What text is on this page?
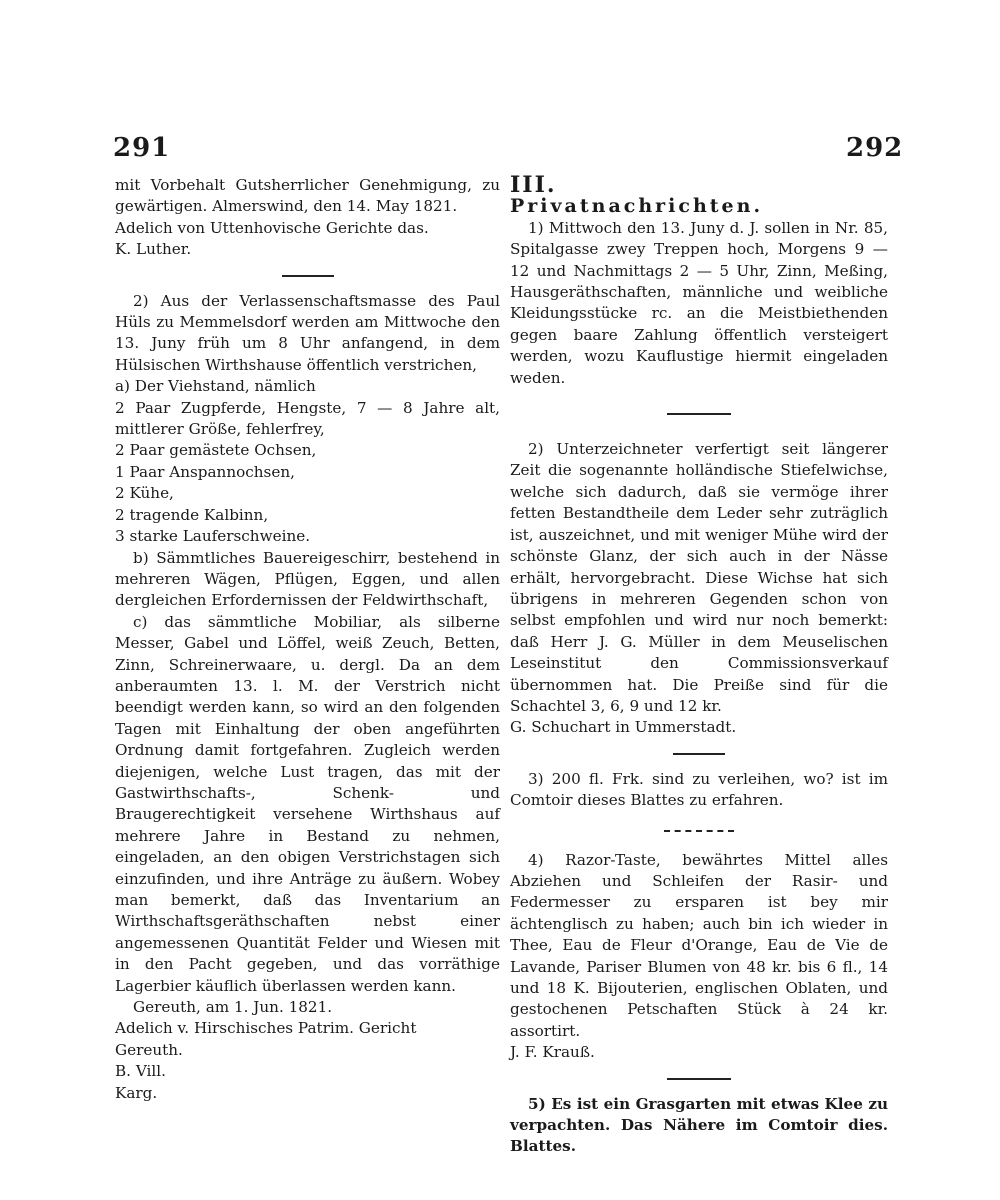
291	292

mit Vorbehalt Gutsherrlicher Genehmigung, zu gewärtigen. Almerswind, den 14. May 1821.

Adelich von Uttenhovische Gerichte das.

K. Luther.

2) Aus der Verlassenschaftsmasse des Paul Hüls zu Memmelsdorf werden am Mittwoche den 13. Juny früh um 8 Uhr anfangend, in dem Hülsischen Wirthshause öffentlich verstrichen,

a) Der Viehstand, nämlich

2 Paar Zugpferde, Hengste, 7 — 8 Jahre alt, mittlerer Größe, fehlerfrey,

2 Paar gemästete Ochsen,

1 Paar Anspannochsen,

2 Kühe,

2 tragende Kalbinn,

3 starke Lauferschweine.

b) Sämmtliches Bauereigeschirr, bestehend in mehreren Wägen, Pflügen, Eggen, und allen dergleichen Erfordernissen der Feldwirthschaft,

c) das sämmtliche Mobiliar, als silberne Messer, Gabel und Löffel, weiß Zeuch, Betten, Zinn, Schreinerwaare, u. dergl. Da an dem anberaumten 13. l. M. der Verstrich nicht beendigt werden kann, so wird an den folgenden Tagen mit Einhaltung der oben angeführten Ordnung damit fortgefahren. Zugleich werden diejenigen, welche Lust tragen, das mit der Gastwirthschafts-, Schenk- und Braugerechtigkeit versehene Wirthshaus auf mehrere Jahre in Bestand zu nehmen, eingeladen, an den obigen Verstrichstagen sich einzufinden, und ihre Anträge zu äußern. Wobey man bemerkt, daß das Inventarium an Wirthschaftsgeräthschaften nebst einer angemessenen Quantität Felder und Wiesen mit in den Pacht gegeben, und das vorräthige Lagerbier käuflich überlassen werden kann.

Gereuth, am 1. Jun. 1821.

Adelich v. Hirschisches Patrim. Gericht

Gereuth.

B. Vill.

Karg.

III.

Privatnachrichten.

1) Mittwoch den 13. Juny d. J. sollen in Nr. 85, Spitalgasse zwey Treppen hoch, Morgens 9 — 12 und Nachmittags 2 — 5 Uhr, Zinn, Meßing, Hausgeräthschaften, männliche und weibliche Kleidungsstücke rc. an die Meistbiethenden gegen baare Zahlung öffentlich versteigert werden, wozu Kauflustige hiermit eingeladen weden.

2) Unterzeichneter verfertigt seit längerer Zeit die sogenannte holländische Stiefelwichse, welche sich dadurch, daß sie vermöge ihrer fetten Bestandtheile dem Leder sehr zuträglich ist, auszeichnet, und mit weniger Mühe wird der schönste Glanz, der sich auch in der Nässe erhält, hervorgebracht. Diese Wichse hat sich übrigens in mehreren Gegenden schon von selbst empfohlen und wird nur noch bemerkt: daß Herr J. G. Müller in dem Meuselischen Leseinstitut den Commissionsverkauf übernommen hat. Die Preiße sind für die Schachtel 3, 6, 9 und 12 kr.

G. Schuchart in Ummerstadt.

3) 200 fl. Frk. sind zu verleihen, wo? ist im Comtoir dieses Blattes zu erfahren.

4) Razor-Taste, bewährtes Mittel alles Abziehen und Schleifen der Rasir- und Federmesser zu ersparen ist bey mir ächtenglisch zu haben; auch bin ich wieder in Thee, Eau de Fleur d'Orange, Eau de Vie de Lavande, Pariser Blumen von 48 kr. bis 6 fl., 14 und 18 K. Bijouterien, englischen Oblaten, und gestochenen Petschaften Stück à 24 kr. assortirt.

J. F. Krauß.

5) Es ist ein Grasgarten mit etwas Klee zu verpachten. Das Nähere im Comtoir dies. Blattes.
